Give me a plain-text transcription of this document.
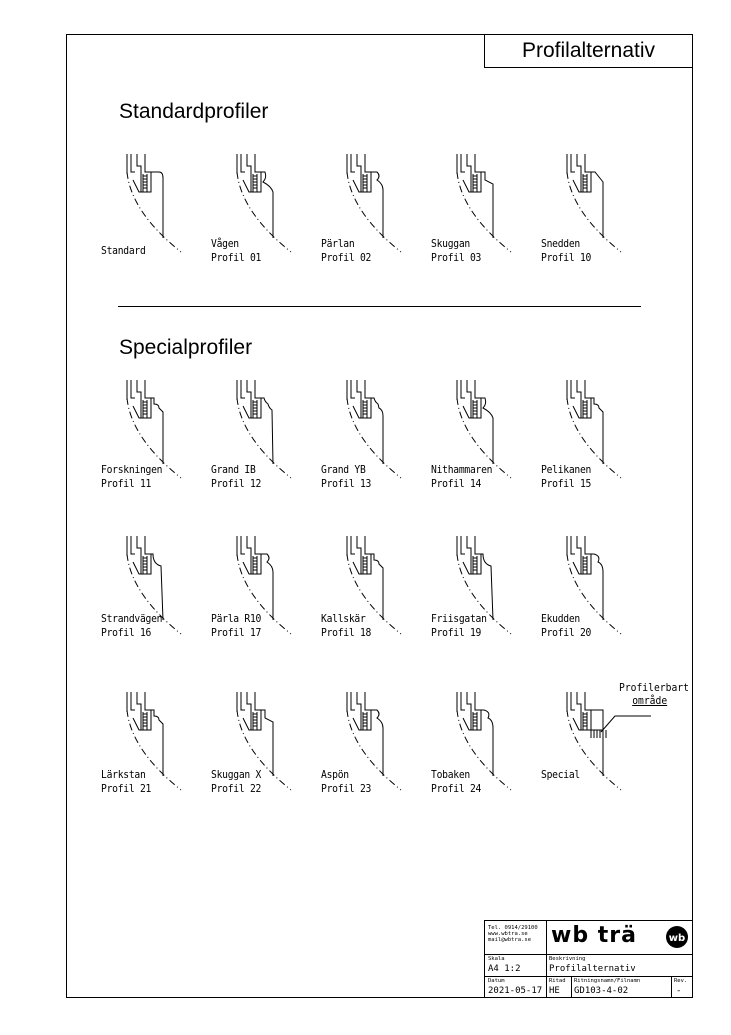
Profilalternativ
Standardprofiler
Specialprofiler
Standard
Vågen
Profil 01
Pärlan
Profil 02
Skuggan
Profil 03
Snedden
Profil 10
Forskningen
Profil 11
Grand IB
Profil 12
Grand YB
Profil 13
Nithammaren
Profil 14
Pelikanen
Profil 15
Strandvägen
Profil 16
Pärla R10
Profil 17
Kallskär
Profil 18
Friisgatan
Profil 19
Ekudden
Profil 20
Lärkstan
Profil 21
Skuggan X
Profil 22
Aspön
Profil 23
Tobaken
Profil 24
Special
Profilerbart
område
Tel. 0914/29100
www.wbtra.se
mail@wbtra.se wb trä	wb
Skala
A4 1:2
Beskrivning
Profilalternativ
Datum
2021-05-17
Ritad
HE
Ritningsnamn/Filnamn
GD103-4-02
Rev.
-
